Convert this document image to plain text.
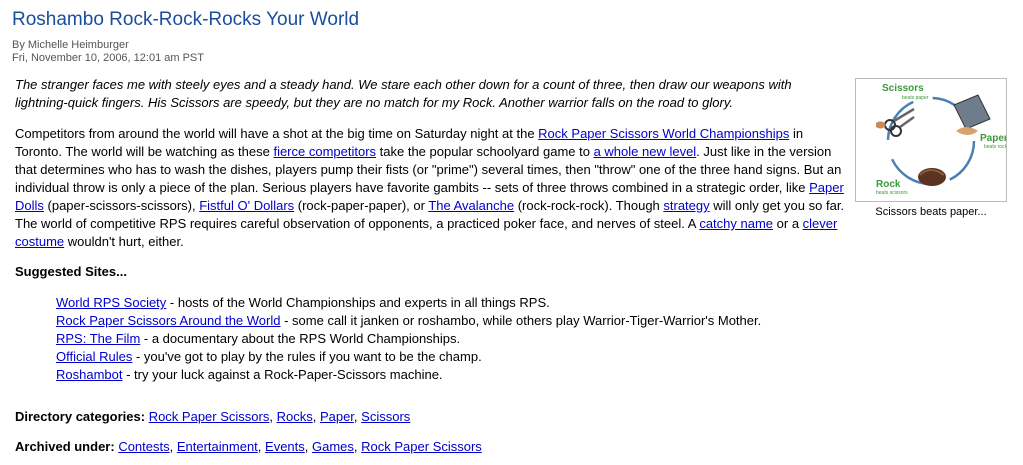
Roshambo Rock-Rock-Rocks Your World
By Michelle Heimburger
Fri, November 10, 2006, 12:01 am PST

The stranger faces me with steely eyes and a steady hand. We stare each other down for a count of three, then draw our weapons with lightning-quick fingers. His Scissors are speedy, but they are no match for my Rock. Another warrior falls on the road to glory.

Scissors
beats paper
Paper
beats rock
Rock
beats scissors
Scissors beats paper...

Competitors from around the world will have a shot at the big time on Saturday night at the Rock Paper Scissors World Championships in Toronto. The world will be watching as these fierce competitors take the popular schoolyard game to a whole new level. Just like in the version that determines who has to wash the dishes, players pump their fists (or "prime") several times, then "throw" one of the three hand signs. But an individual throw is only a piece of the plan. Serious players have favorite gambits -- sets of three throws combined in a strategic order, like Paper Dolls (paper-scissors-scissors), Fistful O' Dollars (rock-paper-paper), or The Avalanche (rock-rock-rock). Though strategy will only get you so far. The world of competitive RPS requires careful observation of opponents, a practiced poker face, and nerves of steel. A catchy name or a clever costume wouldn't hurt, either.

Suggested Sites...
World RPS Society - hosts of the World Championships and experts in all things RPS.
Rock Paper Scissors Around the World - some call it janken or roshambo, while others play Warrior-Tiger-Warrior's Mother.
RPS: The Film - a documentary about the RPS World Championships.
Official Rules - you've got to play by the rules if you want to be the champ.
Roshambot - try your luck against a Rock-Paper-Scissors machine.
Directory categories: Rock Paper Scissors, Rocks, Paper, Scissors
Archived under: Contests, Entertainment, Events, Games, Rock Paper Scissors
